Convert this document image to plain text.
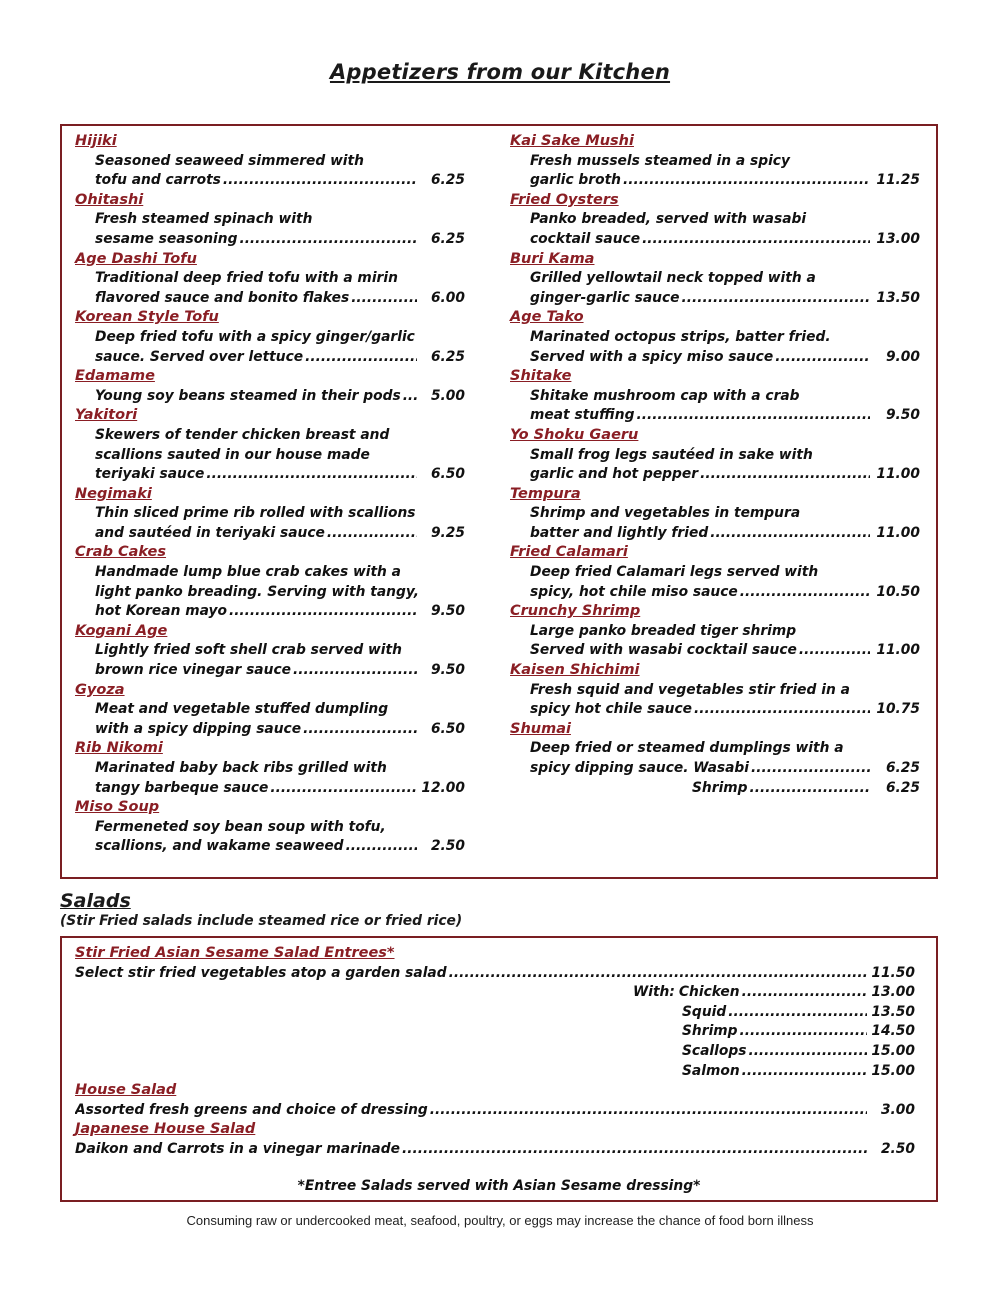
Appetizers from our Kitchen
Hijiki
Seasoned seaweed simmered with
tofu and carrots .....	6.25
Ohitashi
Fresh steamed spinach with
sesame seasoning .....	6.25
Age Dashi Tofu
Traditional deep fried tofu with a mirin
flavored sauce and bonito flakes .....	6.00
Korean Style Tofu
Deep fried tofu with a spicy ginger/garlic
sauce. Served over lettuce .....	6.25
Edamame
Young soy beans steamed in their pods .....	5.00
Yakitori
Skewers of tender chicken breast and
scallions sauted in our house made
teriyaki sauce .....	6.50
Negimaki
Thin sliced prime rib rolled with scallions
and sautéed in teriyaki sauce .....	9.25
Crab Cakes
Handmade lump blue crab cakes with a
light panko breading. Serving with tangy,
hot Korean mayo .....	9.50
Kogani Age
Lightly fried soft shell crab served with
brown rice vinegar sauce .....	9.50
Gyoza
Meat and vegetable stuffed dumpling
with a spicy dipping sauce .....	6.50
Rib Nikomi
Marinated baby back ribs grilled with
tangy barbeque sauce .....	12.00
Miso Soup
Fermeneted soy bean soup with tofu,
scallions, and wakame seaweed .....	2.50
Kai Sake Mushi
Fresh mussels steamed in a spicy
garlic broth .....	11.25
Fried Oysters
Panko breaded, served with wasabi
cocktail sauce .....	13.00
Buri Kama
Grilled yellowtail neck topped with a
ginger-garlic sauce .....	13.50
Age Tako
Marinated octopus strips, batter fried.
Served with a spicy miso sauce .....	9.00
Shitake
Shitake mushroom cap with a crab
meat stuffing .....	9.50
Yo Shoku Gaeru
Small frog legs sautéed in sake with
garlic and hot pepper .....	11.00
Tempura
Shrimp and vegetables in tempura
batter and lightly fried .....	11.00
Fried Calamari
Deep fried Calamari legs served with
spicy, hot chile miso sauce .....	10.50
Crunchy Shrimp
Large panko breaded tiger shrimp
Served with wasabi cocktail sauce .....	11.00
Kaisen Shichimi
Fresh squid and vegetables stir fried in a
spicy hot chile sauce .....	10.75
Shumai
Deep fried or steamed dumplings with a
spicy dipping sauce. Wasabi .....	6.25
Shrimp .....	6.25
Salads
(Stir Fried salads include steamed rice or fried rice)
Stir Fried Asian Sesame Salad Entrees*
Select stir fried vegetables atop a garden salad .....	11.50
With: Chicken .....	13.00
Squid .....	13.50
Shrimp .....	14.50
Scallops .....	15.00
Salmon .....	15.00
House Salad
Assorted fresh greens and choice of dressing .....	3.00
Japanese House Salad
Daikon and Carrots in a vinegar marinade .....	2.50
*Entree Salads served with Asian Sesame dressing*
Consuming raw or undercooked meat, seafood, poultry, or eggs may increase the chance of food born illness
